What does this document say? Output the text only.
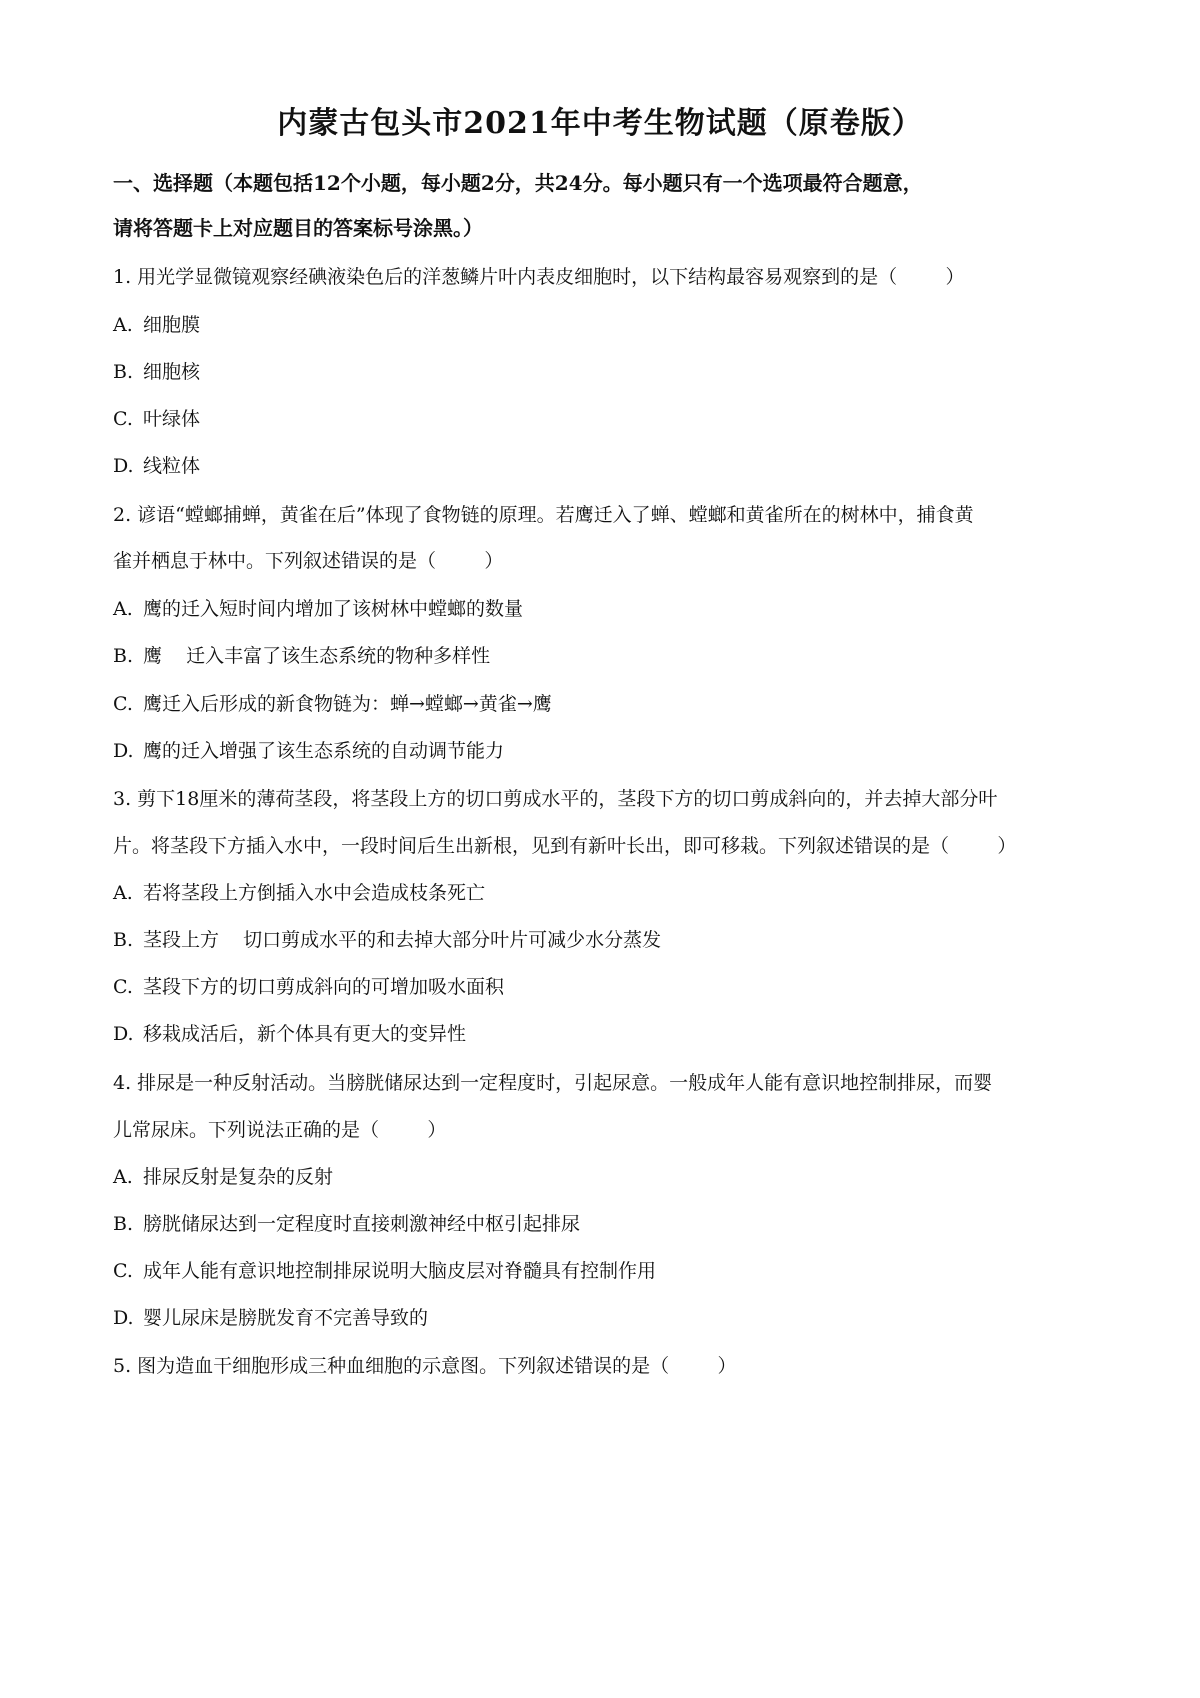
内蒙古包头市2021年中考生物试题（原卷版）
一、选择题（本题包括12个小题，每小题2分，共24分。每小题只有一个选项最符合题意，
请将答题卡上对应题目的答案标号涂黑。）
1. 用光学显微镜观察经碘液染色后的洋葱鳞片叶内表皮细胞时，以下结构最容易观察到的是（        ）
A. 细胞膜
B. 细胞核
C. 叶绿体
D. 线粒体
2. 谚语“螳螂捕蝉，黄雀在后”体现了食物链的原理。若鹰迁入了蝉、螳螂和黄雀所在的树林中，捕食黄
雀并栖息于林中。下列叙述错误的是（        ）
A. 鹰的迁入短时间内增加了该树林中螳螂的数量
B. 鹰    迁入丰富了该生态系统的物种多样性
C. 鹰迁入后形成的新食物链为：蝉→螳螂→黄雀→鹰
D. 鹰的迁入增强了该生态系统的自动调节能力
3. 剪下18厘米的薄荷茎段，将茎段上方的切口剪成水平的，茎段下方的切口剪成斜向的，并去掉大部分叶
片。将茎段下方插入水中，一段时间后生出新根，见到有新叶长出，即可移栽。下列叙述错误的是（        ）
A. 若将茎段上方倒插入水中会造成枝条死亡
B. 茎段上方    切口剪成水平的和去掉大部分叶片可减少水分蒸发
C. 茎段下方的切口剪成斜向的可增加吸水面积
D. 移栽成活后，新个体具有更大的变异性
4. 排尿是一种反射活动。当膀胱储尿达到一定程度时，引起尿意。一般成年人能有意识地控制排尿，而婴
儿常尿床。下列说法正确的是（        ）
A. 排尿反射是复杂的反射
B. 膀胱储尿达到一定程度时直接刺激神经中枢引起排尿
C. 成年人能有意识地控制排尿说明大脑皮层对脊髓具有控制作用
D. 婴儿尿床是膀胱发育不完善导致的
5. 图为造血干细胞形成三种血细胞的示意图。下列叙述错误的是（        ）
